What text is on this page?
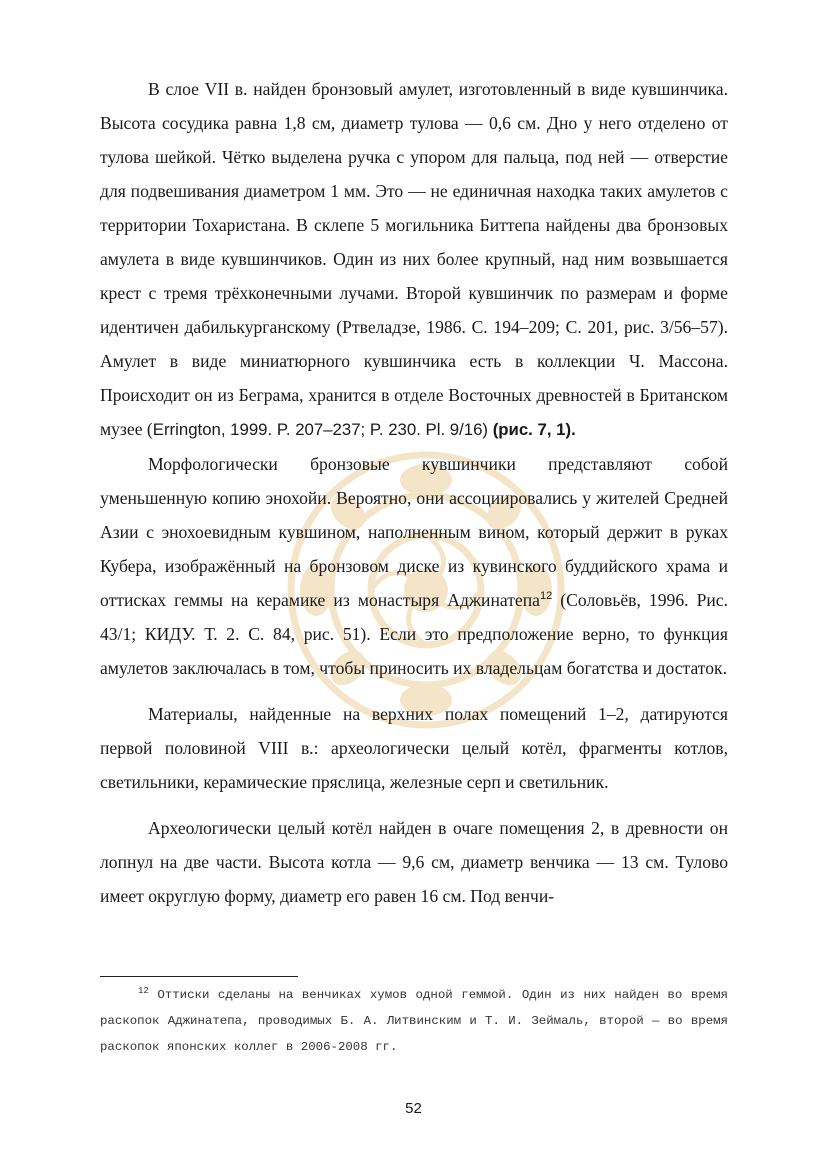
В слое VII в. найден бронзовый амулет, изготовленный в виде кувшинчика. Высота сосудика равна 1,8 см, диаметр тулова — 0,6 см. Дно у него отделено от тулова шейкой. Чётко выделена ручка с упором для пальца, под ней — отверстие для подвешивания диаметром 1 мм. Это — не единичная находка таких амулетов с территории Тохаристана. В склепе 5 могильника Биттепа найдены два бронзовых амулета в виде кувшинчиков. Один из них более крупный, над ним возвышается крест с тремя трёхконечными лучами. Второй кувшинчик по размерам и форме идентичен дабилькурганскому (Ртвеладзе, 1986. С. 194–209; С. 201, рис. 3/56–57). Амулет в виде миниатюрного кувшинчика есть в коллекции Ч. Массона. Происходит он из Беграма, хранится в отделе Восточных древностей в Британском музее (Errington, 1999. P. 207–237; P. 230. Pl. 9/16) (рис. 7, 1).

Морфологически бронзовые кувшинчики представляют собой уменьшенную копию энохойи. Вероятно, они ассоциировались у жителей Средней Азии с энохоевидным кувшином, наполненным вином, который держит в руках Кубера, изображённый на бронзовом диске из кувинского буддийского храма и оттисках геммы на керамике из монастыря Аджинатепа$^{12}$ (Соловьёв, 1996. Рис. 43/1; КИДУ. Т. 2. С. 84, рис. 51). Если это предположение верно, то функция амулетов заключалась в том, чтобы приносить их владельцам богатства и достаток.

Материалы, найденные на верхних полах помещений 1–2, датируются первой половиной VIII в.: археологически целый котёл, фрагменты котлов, светильники, керамические пряслица, железные серп и светильник.

Археологически целый котёл найден в очаге помещения 2, в древности он лопнул на две части. Высота котла — 9,6 см, диаметр венчика — 13 см. Тулово имеет округлую форму, диаметр его равен 16 см. Под венчи-

$^{12}$ Оттиски сделаны на венчиках хумов одной геммой. Один из них найден во время раскопок Аджинатепа, проводимых Б. А. Литвинским и Т. И. Зеймаль, второй — во время раскопок японских коллег в 2006-2008 гг.

52
